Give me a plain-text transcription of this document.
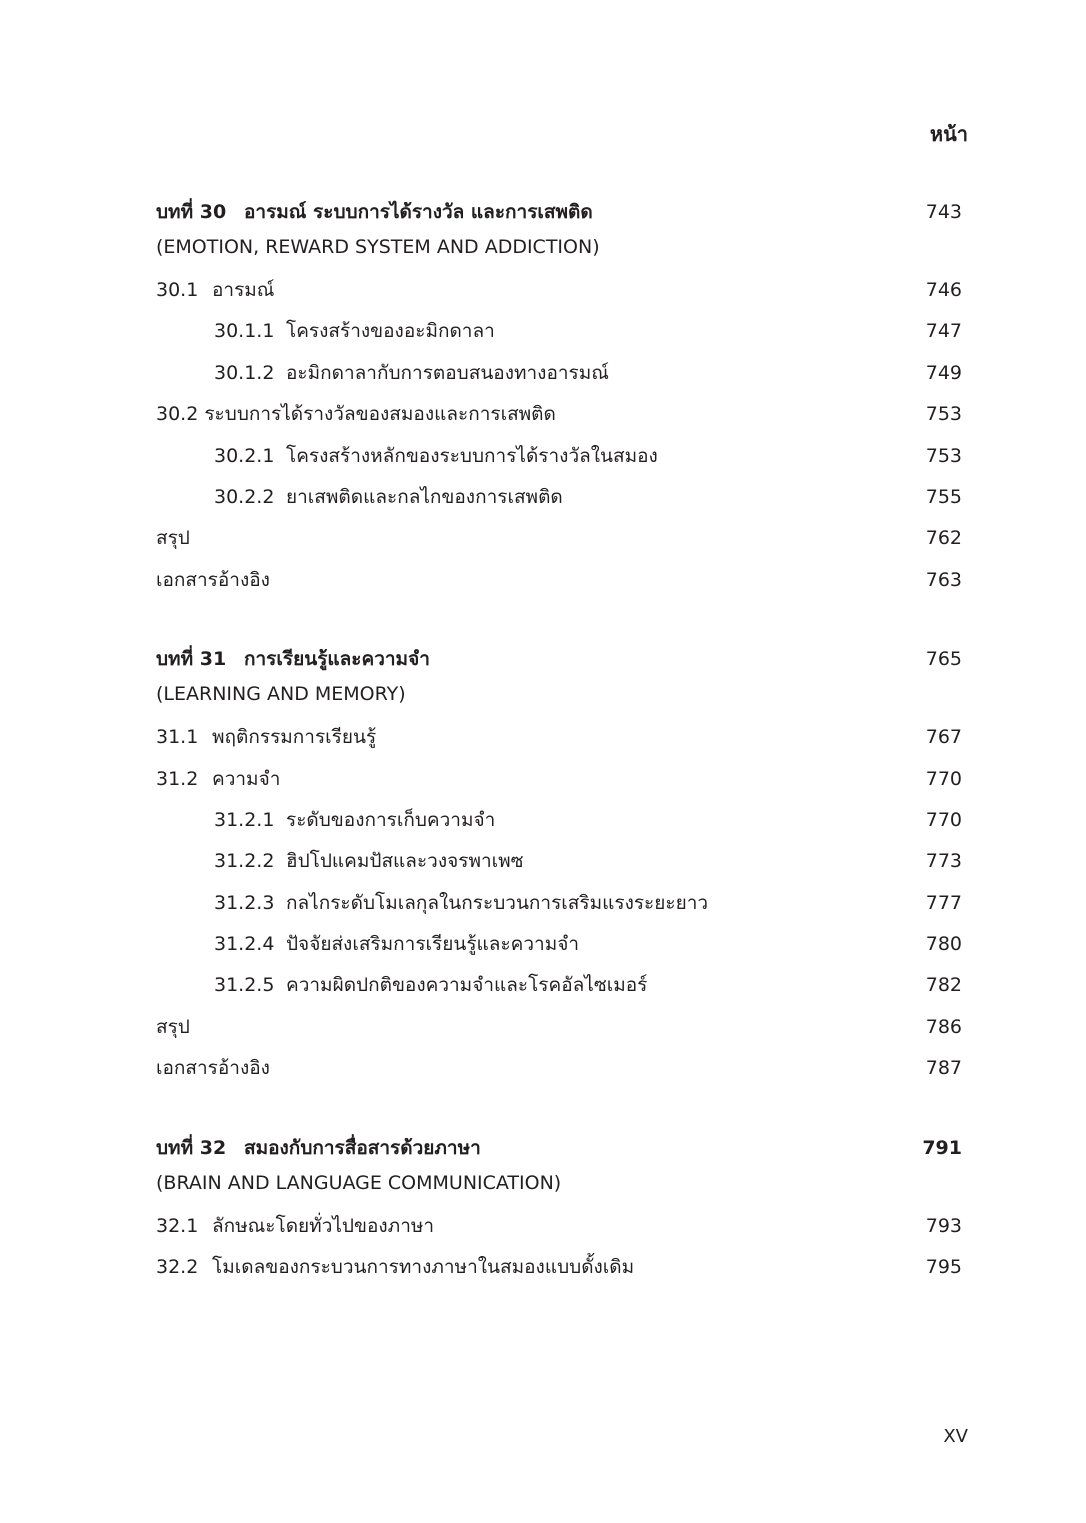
หน้า
บทที่ 30 อารมณ์ ระบบการได้รางวัล และการเสพติด	743
(EMOTION, REWARD SYSTEM AND ADDICTION)
30.1 อารมณ์	746
30.1.1 โครงสร้างของอะมิกดาลา	747
30.1.2 อะมิกดาลากับการตอบสนองทางอารมณ์	749
30.2 ระบบการได้รางวัลของสมองและการเสพติด	753
30.2.1 โครงสร้างหลักของระบบการได้รางวัลในสมอง	753
30.2.2 ยาเสพติดและกลไกของการเสพติด	755
สรุป	762
เอกสารอ้างอิง	763
บทที่ 31 การเรียนรู้และความจำ	765
(LEARNING AND MEMORY)
31.1 พฤติกรรมการเรียนรู้	767
31.2 ความจำ	770
31.2.1 ระดับของการเก็บความจำ	770
31.2.2 ฮิปโปแคมปัสและวงจรพาเพซ	773
31.2.3 กลไกระดับโมเลกุลในกระบวนการเสริมแรงระยะยาว	777
31.2.4 ปัจจัยส่งเสริมการเรียนรู้และความจำ	780
31.2.5 ความผิดปกติของความจำและโรคอัลไซเมอร์	782
สรุป	786
เอกสารอ้างอิง	787
บทที่ 32 สมองกับการสื่อสารด้วยภาษา	791
(BRAIN AND LANGUAGE COMMUNICATION)
32.1 ลักษณะโดยทั่วไปของภาษา	793
32.2 โมเดลของกระบวนการทางภาษาในสมองแบบดั้งเดิม	795
XV
